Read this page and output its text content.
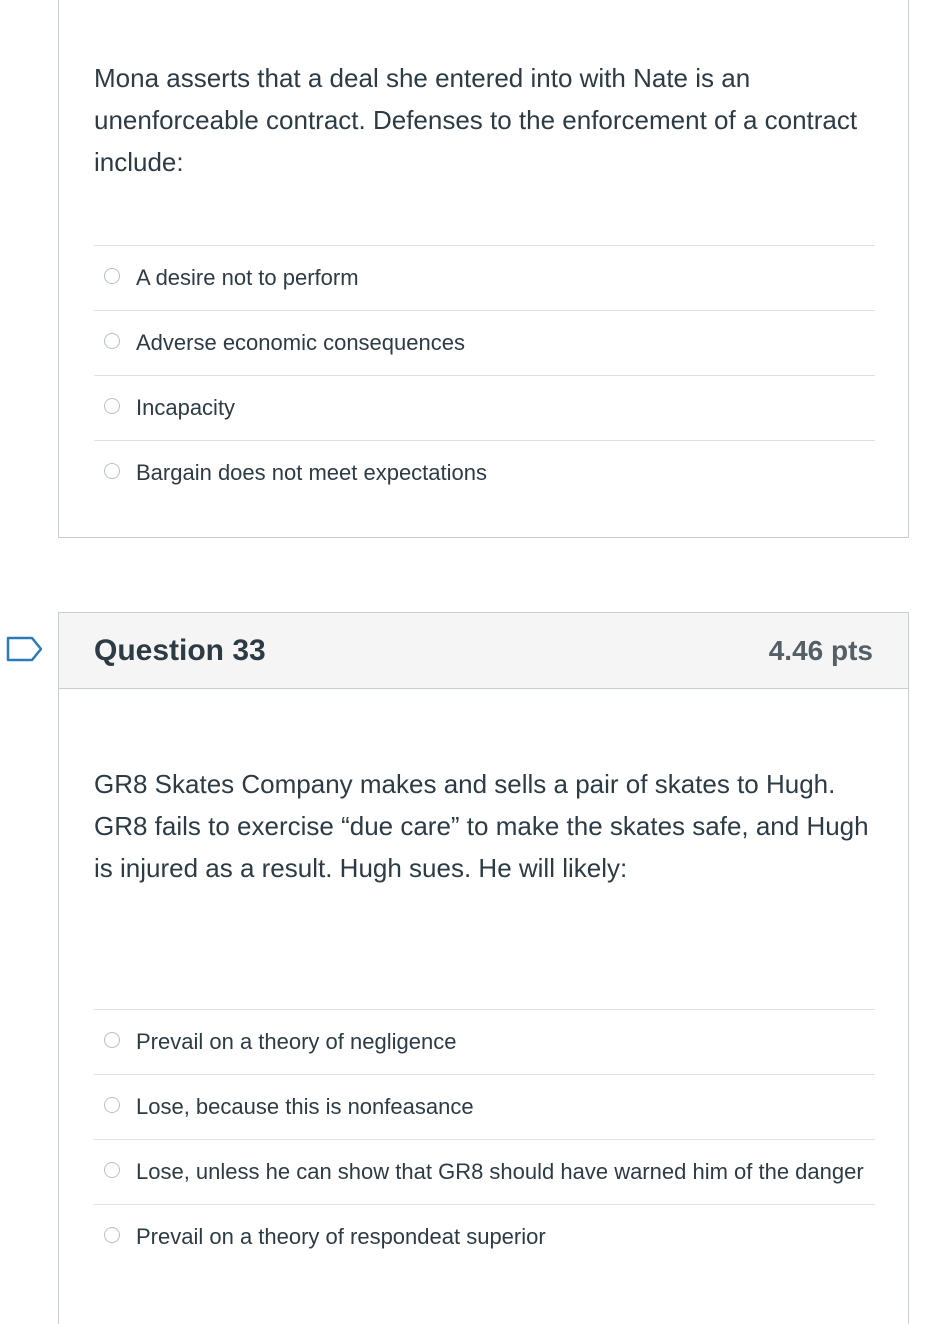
Mona asserts that a deal she entered into with Nate is an unenforceable contract. Defenses to the enforcement of a contract include:
A desire not to perform
Adverse economic consequences
Incapacity
Bargain does not meet expectations
Question 33	4.46 pts
GR8 Skates Company makes and sells a pair of skates to Hugh. GR8 fails to exercise “due care” to make the skates safe, and Hugh is injured as a result. Hugh sues. He will likely:
Prevail on a theory of negligence
Lose, because this is nonfeasance
Lose, unless he can show that GR8 should have warned him of the danger
Prevail on a theory of respondeat superior
